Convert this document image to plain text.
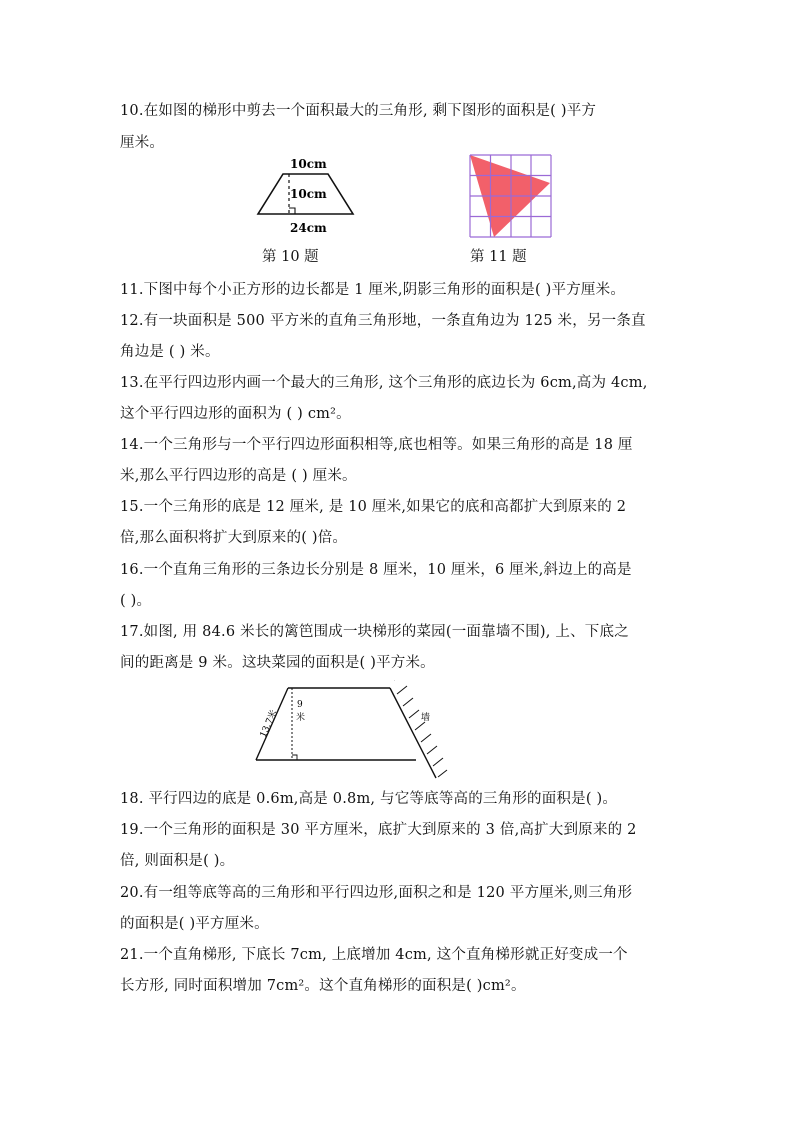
10.在如图的梯形中剪去一个面积最大的三角形, 剩下图形的面积是( )平方
厘米。
10cm
10cm
24cm
第 10 题	第 11 题
11.下图中每个小正方形的边长都是 1 厘米,阴影三角形的面积是( )平方厘米。
12.有一块面积是 500 平方米的直角三角形地，一条直角边为 125 米，另一条直
角边是 ( ) 米。
13.在平行四边形内画一个最大的三角形, 这个三角形的底边长为 6cm,高为 4cm,
这个平行四边形的面积为 ( ) cm²。
14.一个三角形与一个平行四边形面积相等,底也相等。如果三角形的高是 18 厘
米,那么平行四边形的高是 ( ) 厘米。
15.一个三角形的底是 12 厘米, 是 10 厘米,如果它的底和高都扩大到原来的 2
倍,那么面积将扩大到原来的( )倍。
16.一个直角三角形的三条边长分别是 8 厘米，10 厘米，6 厘米,斜边上的高是
( )。
17.如图, 用 84.6 米长的篱笆围成一块梯形的菜园(一面靠墙不围), 上、下底之
间的距离是 9 米。这块菜园的面积是( )平方米。
9
米	墙
13.7米
18. 平行四边的底是 0.6m,高是 0.8m, 与它等底等高的三角形的面积是( )。
19.一个三角形的面积是 30 平方厘米，底扩大到原来的 3 倍,高扩大到原来的 2
倍, 则面积是( )。
20.有一组等底等高的三角形和平行四边形,面积之和是 120 平方厘米,则三角形
的面积是( )平方厘米。
21.一个直角梯形, 下底长 7cm, 上底增加 4cm, 这个直角梯形就正好变成一个
长方形, 同时面积增加 7cm²。这个直角梯形的面积是( )cm²。
